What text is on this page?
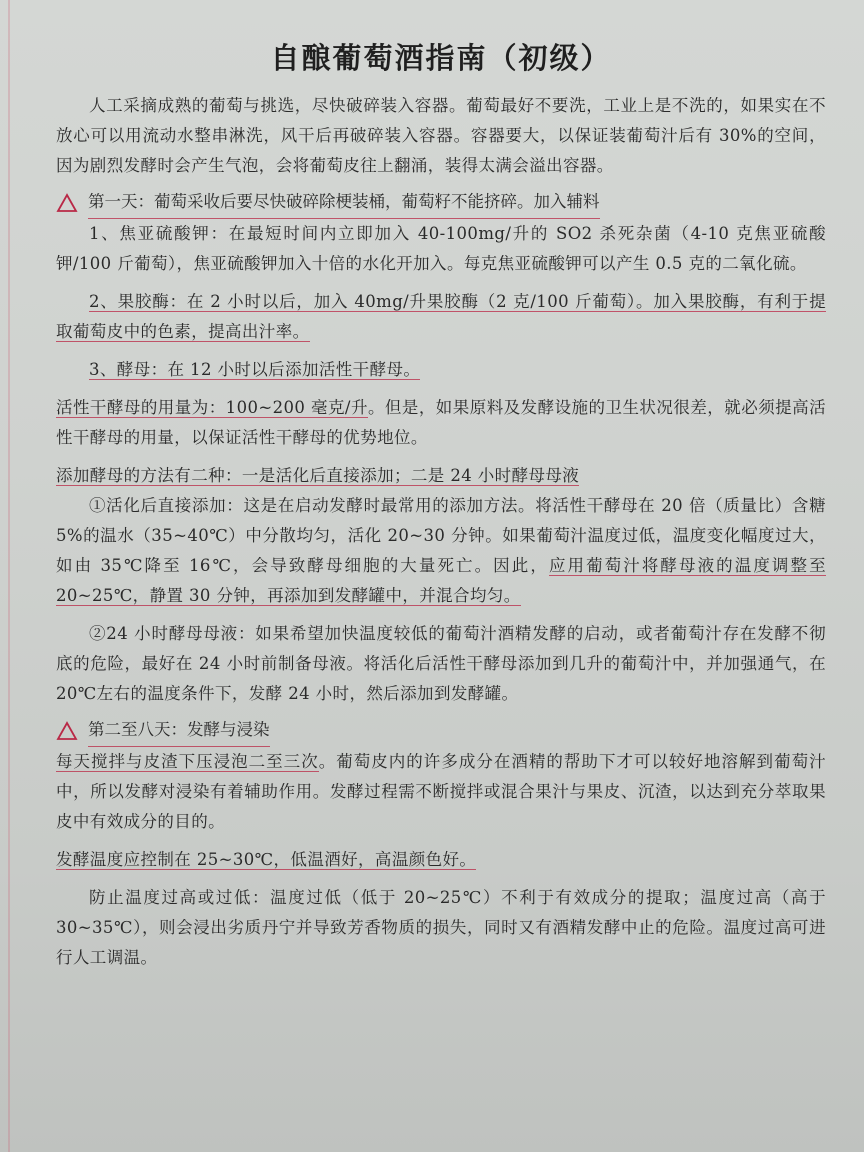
自酿葡萄酒指南（初级）

人工采摘成熟的葡萄与挑选，尽快破碎装入容器。葡萄最好不要洗，工业上是不洗的，如果实在不放心可以用流动水整串淋洗，风干后再破碎装入容器。容器要大，以保证装葡萄汁后有 30%的空间，因为剧烈发酵时会产生气泡，会将葡萄皮往上翻涌，装得太满会溢出容器。

第一天：葡萄采收后要尽快破碎除梗装桶，葡萄籽不能挤碎。加入辅料

1、焦亚硫酸钾：在最短时间内立即加入 40-100mg/升的 SO2 杀死杂菌（4-10 克焦亚硫酸钾/100 斤葡萄），焦亚硫酸钾加入十倍的水化开加入。每克焦亚硫酸钾可以产生 0.5 克的二氧化硫。

2、果胶酶：在 2 小时以后，加入 40mg/升果胶酶（2 克/100 斤葡萄）。加入果胶酶，有利于提取葡萄皮中的色素，提高出汁率。

3、酵母：在 12 小时以后添加活性干酵母。

活性干酵母的用量为：100~200 毫克/升。但是，如果原料及发酵设施的卫生状况很差，就必须提高活性干酵母的用量，以保证活性干酵母的优势地位。

添加酵母的方法有二种：一是活化后直接添加；二是 24 小时酵母母液

①活化后直接添加：这是在启动发酵时最常用的添加方法。将活性干酵母在 20 倍（质量比）含糖 5%的温水（35~40℃）中分散均匀，活化 20~30 分钟。如果葡萄汁温度过低，温度变化幅度过大，如由 35℃降至 16℃，会导致酵母细胞的大量死亡。因此，应用葡萄汁将酵母液的温度调整至 20~25℃，静置 30 分钟，再添加到发酵罐中，并混合均匀。

②24 小时酵母母液：如果希望加快温度较低的葡萄汁酒精发酵的启动，或者葡萄汁存在发酵不彻底的危险，最好在 24 小时前制备母液。将活化后活性干酵母添加到几升的葡萄汁中，并加强通气，在 20℃左右的温度条件下，发酵 24 小时，然后添加到发酵罐。

第二至八天：发酵与浸染

每天搅拌与皮渣下压浸泡二至三次。葡萄皮内的许多成分在酒精的帮助下才可以较好地溶解到葡萄汁中，所以发酵对浸染有着辅助作用。发酵过程需不断搅拌或混合果汁与果皮、沉渣，以达到充分萃取果皮中有效成分的目的。

发酵温度应控制在 25~30℃，低温酒好，高温颜色好。

防止温度过高或过低：温度过低（低于 20~25℃）不利于有效成分的提取；温度过高（高于 30~35℃），则会浸出劣质丹宁并导致芳香物质的损失，同时又有酒精发酵中止的危险。温度过高可进行人工调温。
